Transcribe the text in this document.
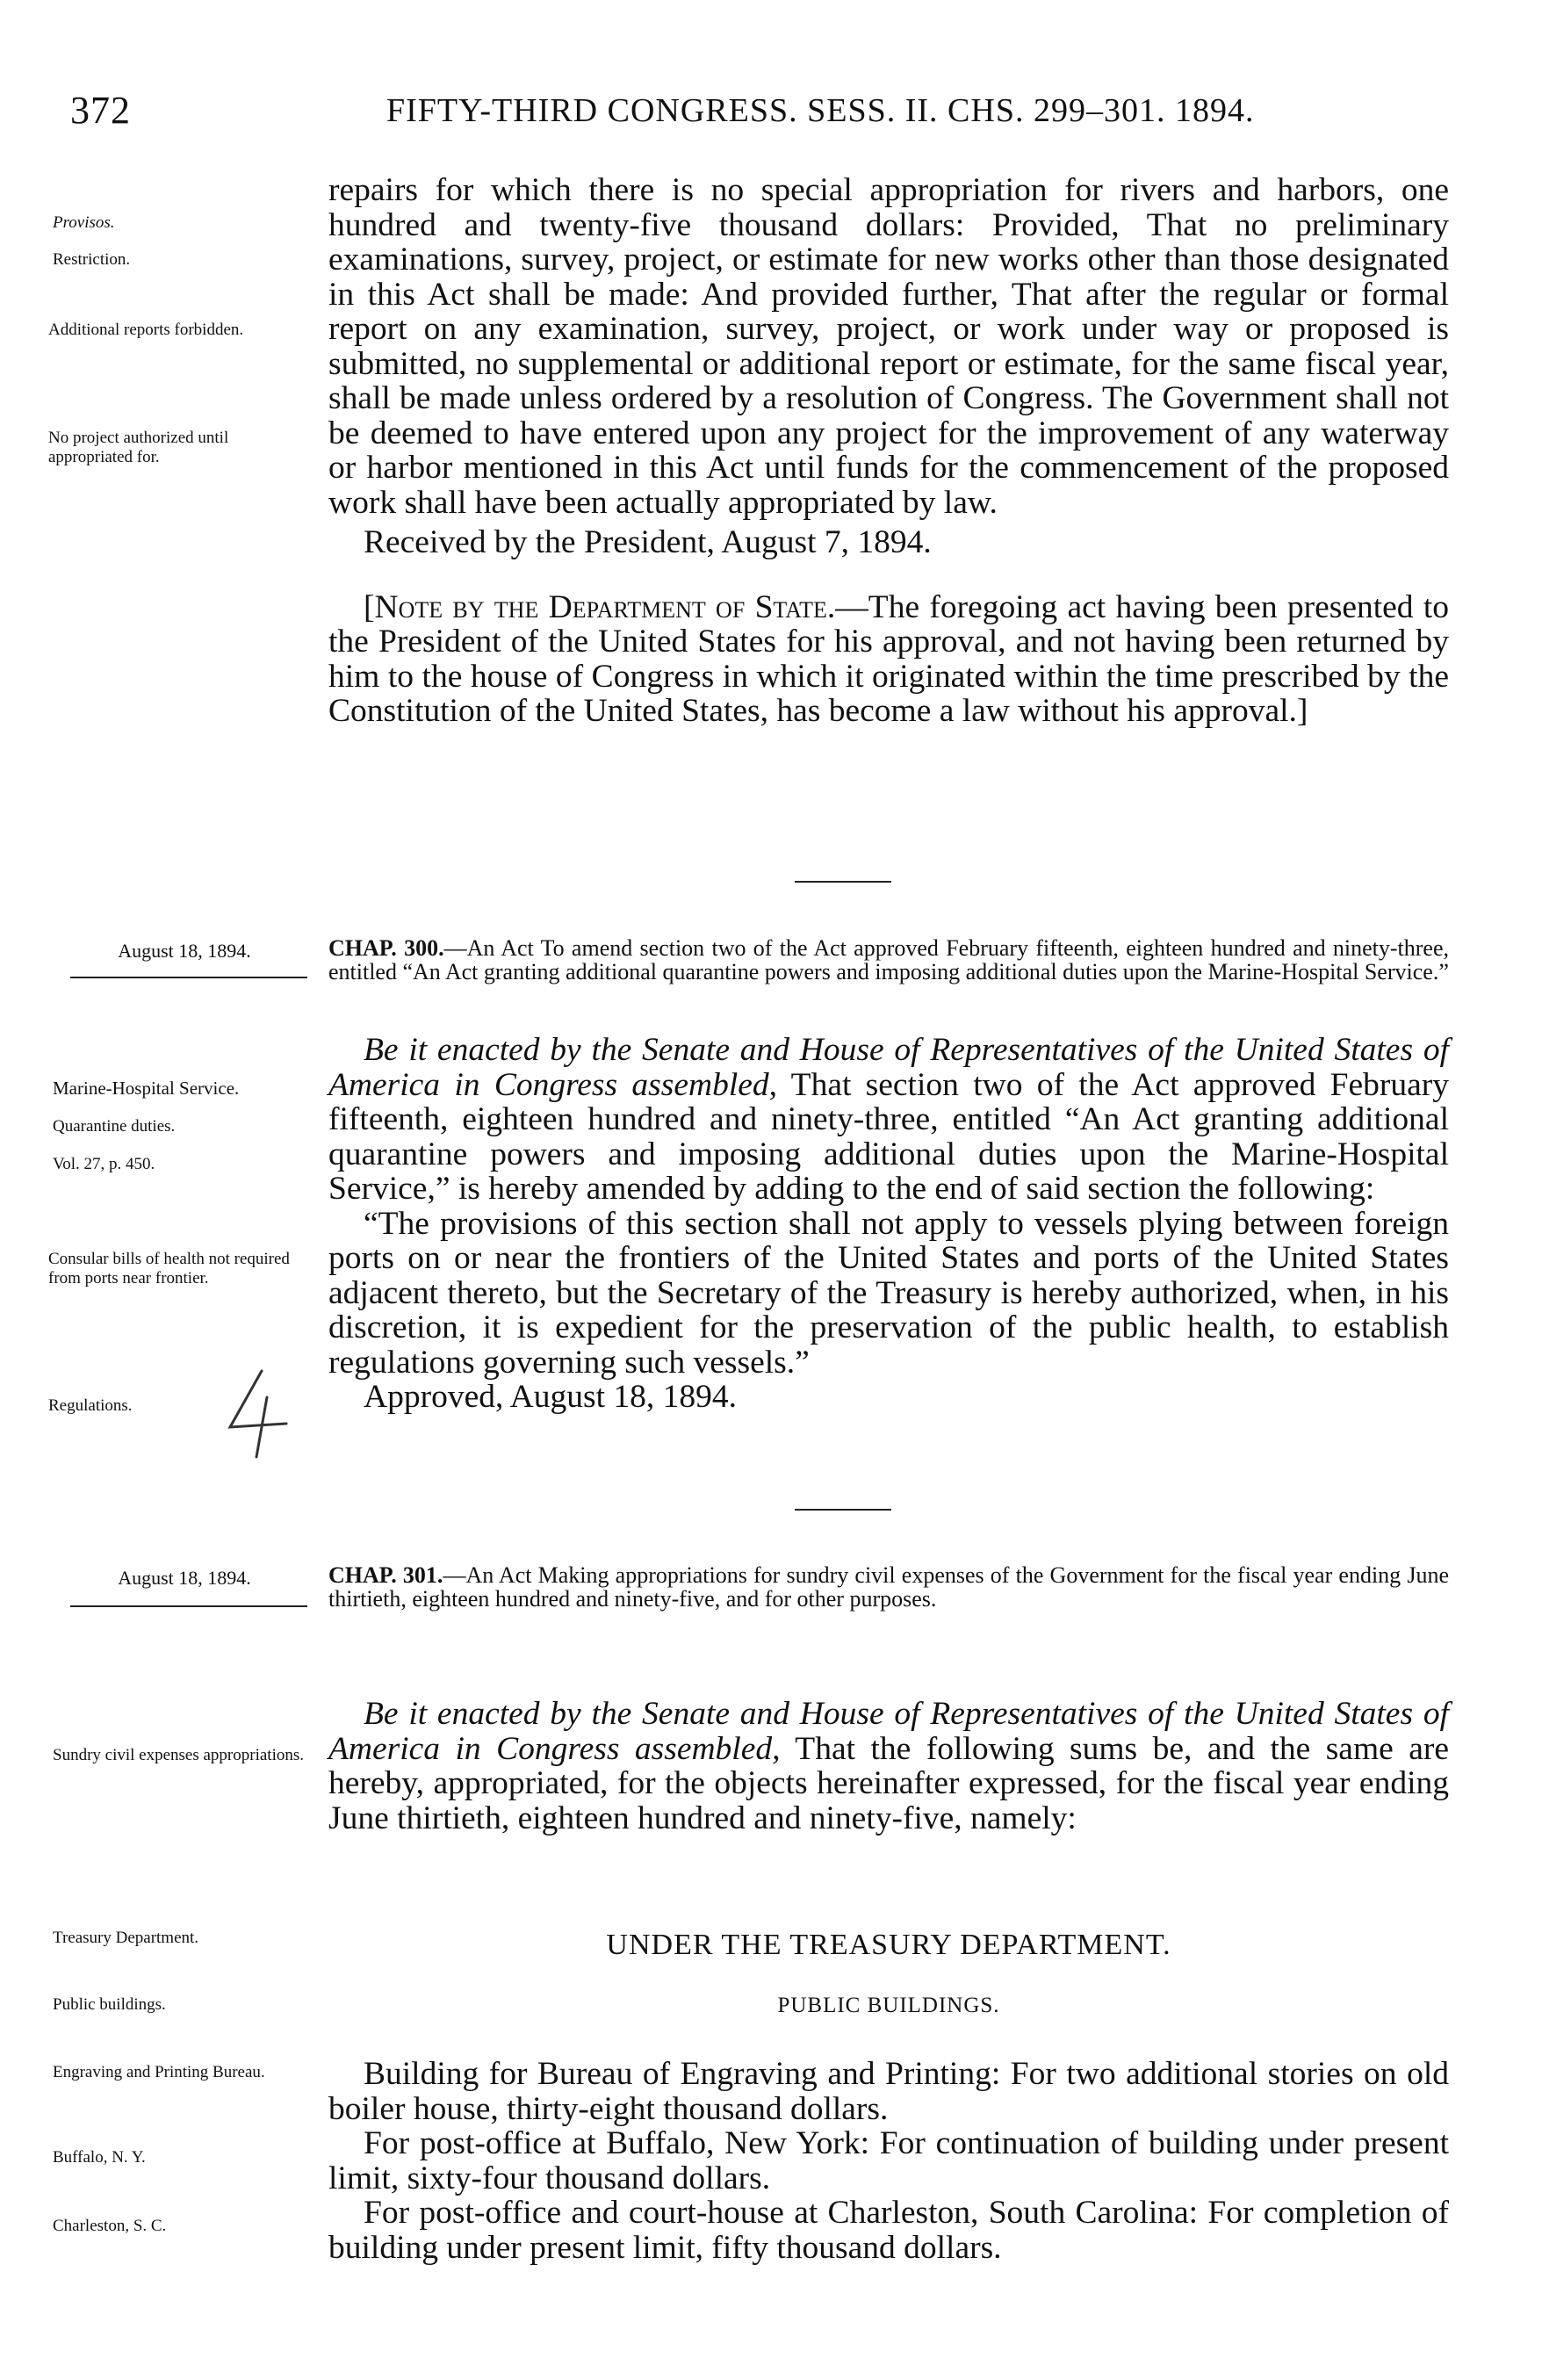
372	FIFTY-THIRD CONGRESS. SESS. II. CHS. 299–301. 1894.
Provisos.
Restriction.
Additional reports forbidden.
No project authorized until appropriated for.

repairs for which there is no special appropriation for rivers and harbors, one hundred and twenty-five thousand dollars: Provided, That no preliminary examinations, survey, project, or estimate for new works other than those designated in this Act shall be made: And provided further, That after the regular or formal report on any examination, survey, project, or work under way or proposed is submitted, no supplemental or additional report or estimate, for the same fiscal year, shall be made unless ordered by a resolution of Congress. The Government shall not be deemed to have entered upon any project for the improvement of any waterway or harbor mentioned in this Act until funds for the commencement of the proposed work shall have been actually appropriated by law.

Received by the President, August 7, 1894.

[Note by the Department of State.—The foregoing act having been presented to the President of the United States for his approval, and not having been returned by him to the house of Congress in which it originated within the time prescribed by the Constitution of the United States, has become a law without his approval.]

August 18, 1894.	CHAP. 300.—An Act To amend section two of the Act approved February fifteenth, eighteen hundred and ninety-three, entitled “An Act granting additional quarantine powers and imposing additional duties upon the Marine-Hospital Service.”

Marine-Hospital Service.
Quarantine duties.
Vol. 27, p. 450.
Consular bills of health not required from ports near frontier.
Regulations.

Be it enacted by the Senate and House of Representatives of the United States of America in Congress assembled, That section two of the Act approved February fifteenth, eighteen hundred and ninety-three, entitled “An Act granting additional quarantine powers and imposing additional duties upon the Marine-Hospital Service,” is hereby amended by adding to the end of said section the following:

“The provisions of this section shall not apply to vessels plying between foreign ports on or near the frontiers of the United States and ports of the United States adjacent thereto, but the Secretary of the Treasury is hereby authorized, when, in his discretion, it is expedient for the preservation of the public health, to establish regulations governing such vessels.”

Approved, August 18, 1894.

August 18, 1894.	CHAP. 301.—An Act Making appropriations for sundry civil expenses of the Government for the fiscal year ending June thirtieth, eighteen hundred and ninety-five, and for other purposes.

Sundry civil expenses appropriations.

Be it enacted by the Senate and House of Representatives of the United States of America in Congress assembled, That the following sums be, and the same are hereby, appropriated, for the objects hereinafter expressed, for the fiscal year ending June thirtieth, eighteen hundred and ninety-five, namely:

Treasury Department.	UNDER THE TREASURY DEPARTMENT.
Public buildings.	PUBLIC BUILDINGS.
Engraving and Printing Bureau.
Buffalo, N. Y.
Charleston, S. C.

Building for Bureau of Engraving and Printing: For two additional stories on old boiler house, thirty-eight thousand dollars.

For post-office at Buffalo, New York: For continuation of building under present limit, sixty-four thousand dollars.

For post-office and court-house at Charleston, South Carolina: For completion of building under present limit, fifty thousand dollars.
